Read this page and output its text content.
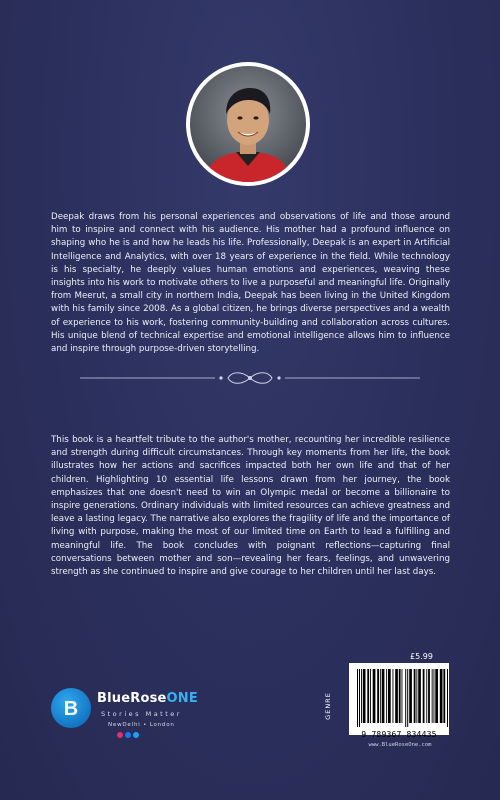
Deepak draws from his personal experiences and observations of life and those around him to inspire and connect with his audience. His mother had a profound influence on shaping who he is and how he leads his life. Professionally, Deepak is an expert in Artificial Intelligence and Analytics, with over 18 years of experience in the field. While technology is his specialty, he deeply values human emotions and experiences, weaving these insights into his work to motivate others to live a purposeful and meaningful life. Originally from Meerut, a small city in northern India, Deepak has been living in the United Kingdom with his family since 2008. As a global citizen, he brings diverse perspectives and a wealth of experience to his work, fostering community-building and collaboration across cultures. His unique blend of technical expertise and emotional intelligence allows him to influence and inspire through purpose-driven storytelling.
This book is a heartfelt tribute to the author's mother, recounting her incredible resilience and strength during difficult circumstances. Through key moments from her life, the book illustrates how her actions and sacrifices impacted both her own life and that of her children. Highlighting 10 essential life lessons drawn from her journey, the book emphasizes that one doesn't need to win an Olympic medal or become a billionaire to inspire generations. Ordinary individuals with limited resources can achieve greatness and leave a lasting legacy. The narrative also explores the fragility of life and the importance of living with purpose, making the most of our limited time on Earth to lead a fulfilling and meaningful life. The book concludes with poignant reflections—capturing final conversations between mother and son—revealing her fears, feelings, and unwavering strength as she continued to inspire and give courage to her children until her last days.
B BlueRoseONE
Stories Matter
NewDelhi • London
GENRE
£5.99
9 789367 834435
www.BlueRoseOne.com
